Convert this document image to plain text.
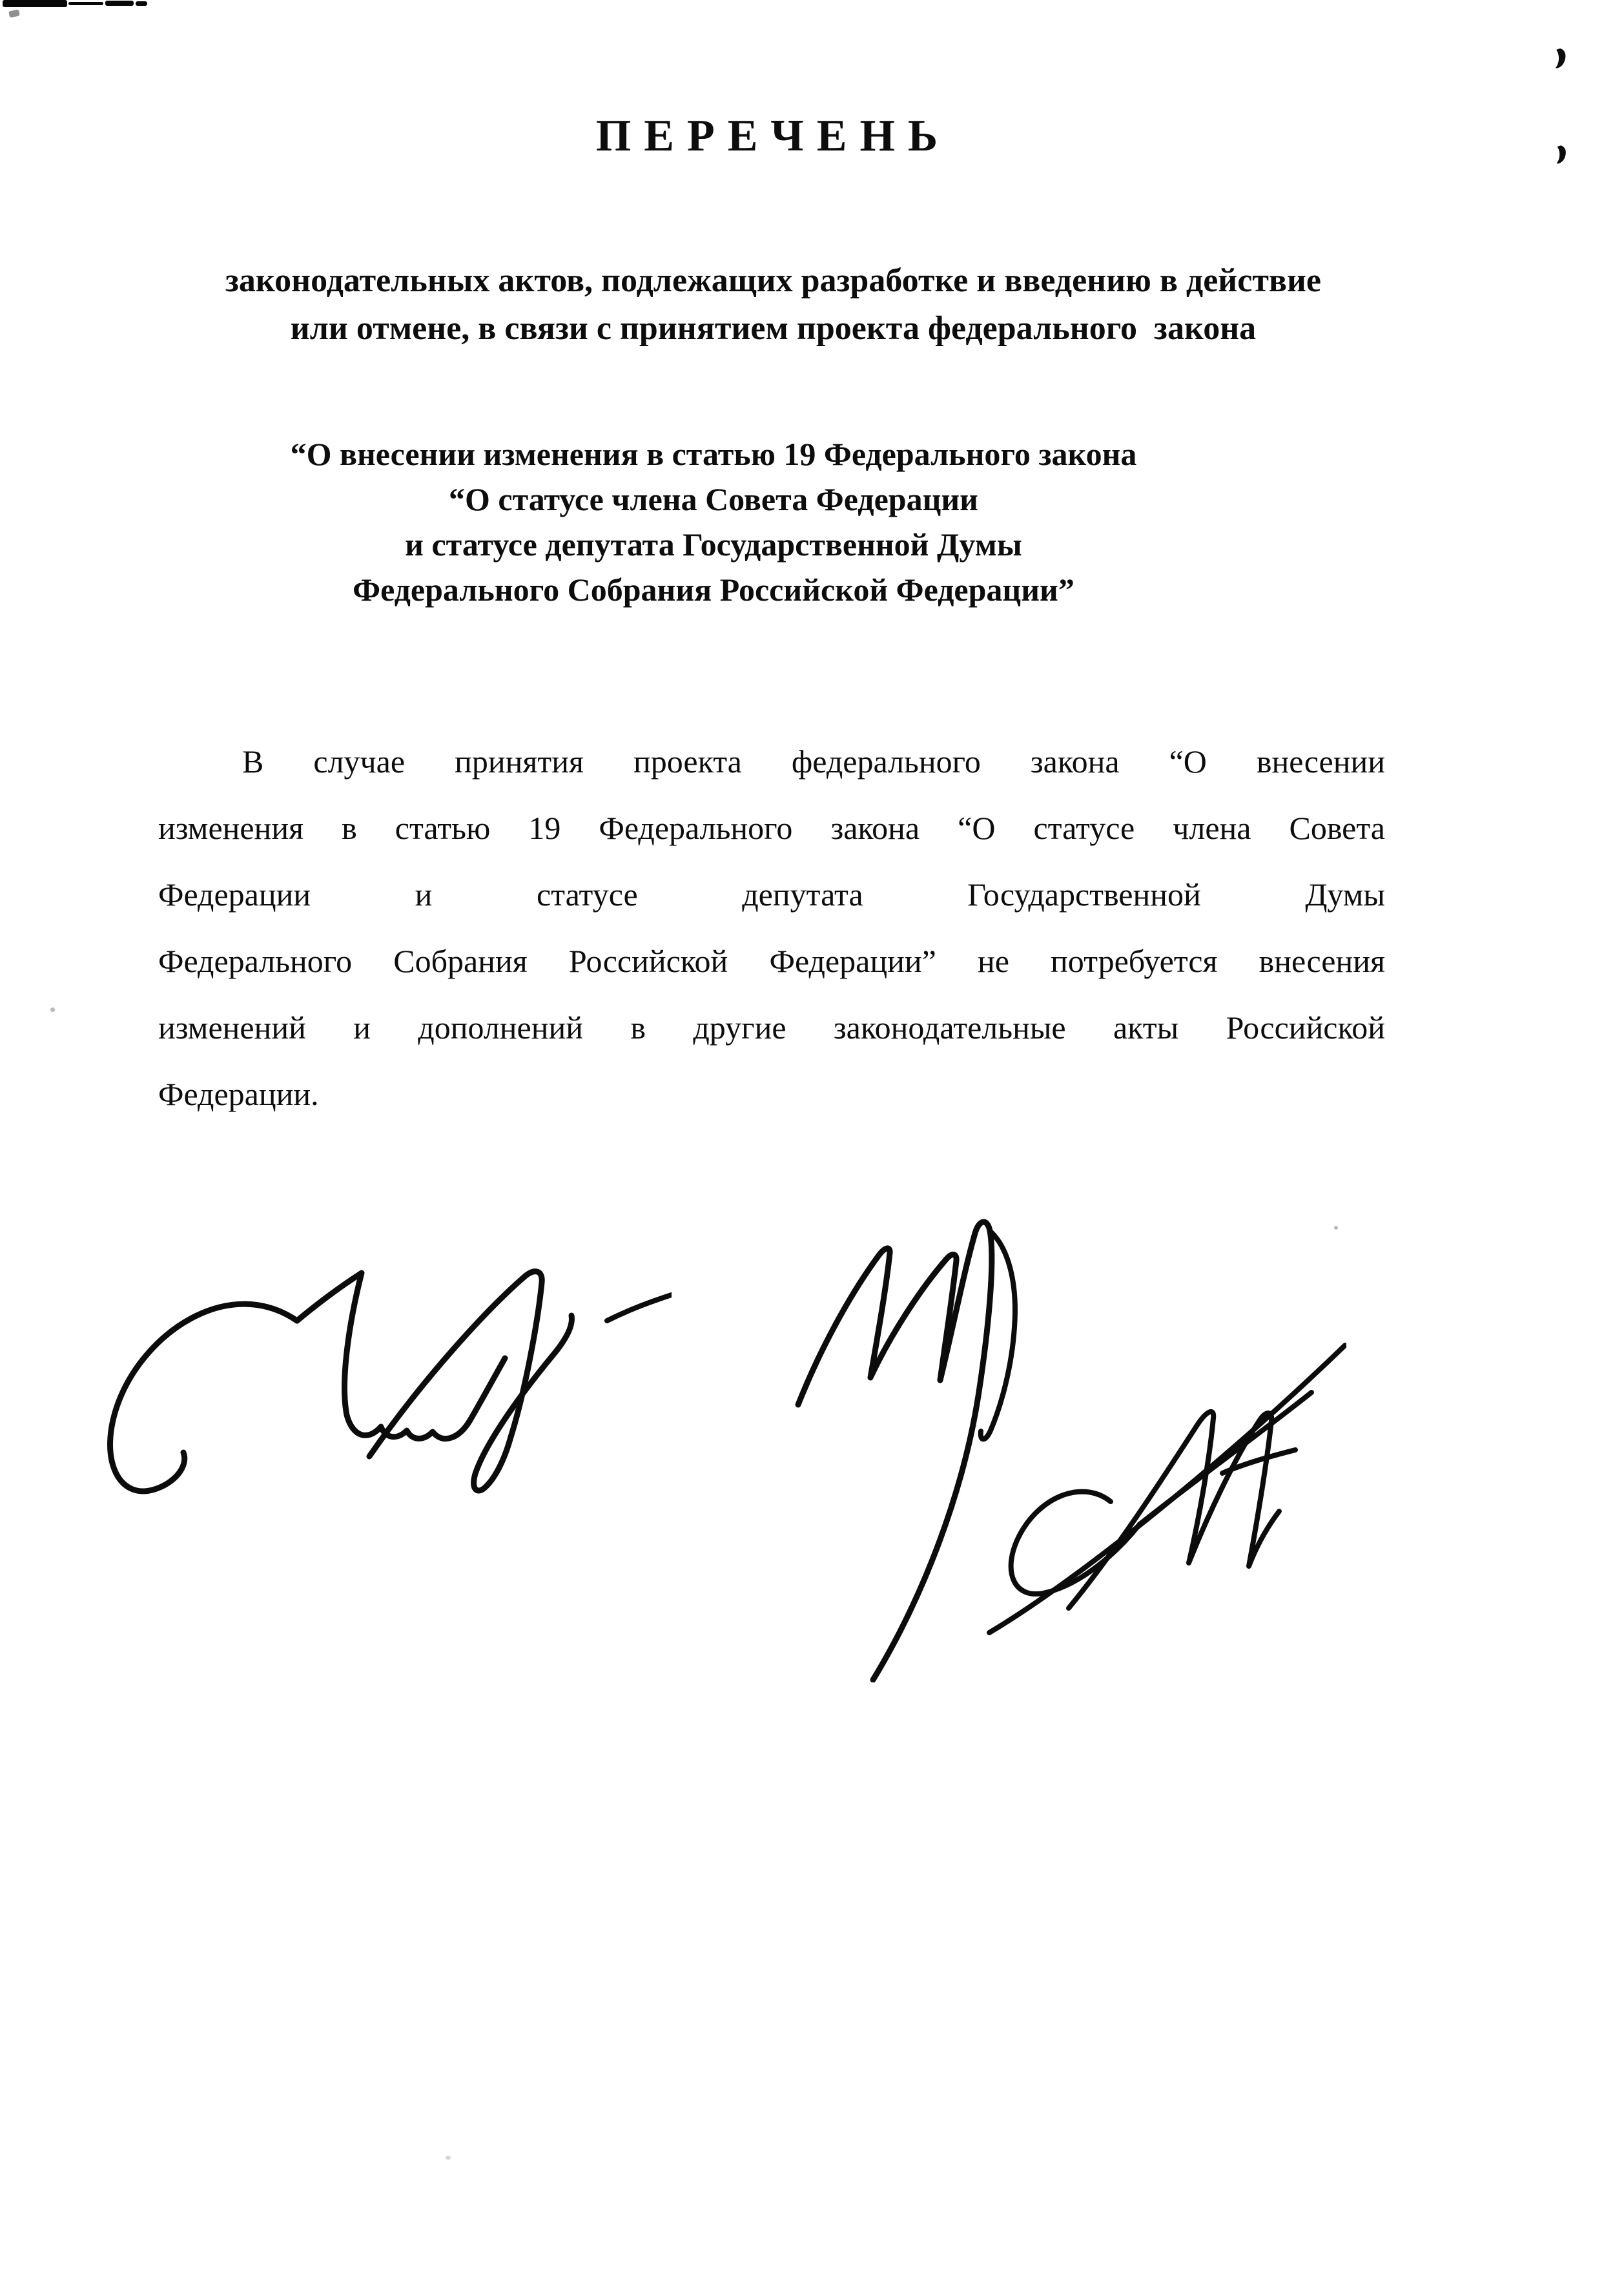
ПЕРЕЧЕНЬ
законодательных актов, подлежащих разработке и введению в действие
или отмене, в связи с принятием проекта федерального  закона
“О внесении изменения в статью 19 Федерального закона
“О статусе члена Совета Федерации
и статусе депутата Государственной Думы
Федерального Собрания Российской Федерации”

В случае принятия проекта федерального закона “О внесении

изменения в статью 19 Федерального закона “О статусе члена Совета

Федерации и статусе депутата Государственной Думы

Федерального Собрания Российской Федерации” не потребуется внесения

изменений и дополнений в другие законодательные акты Российской

Федерации.
